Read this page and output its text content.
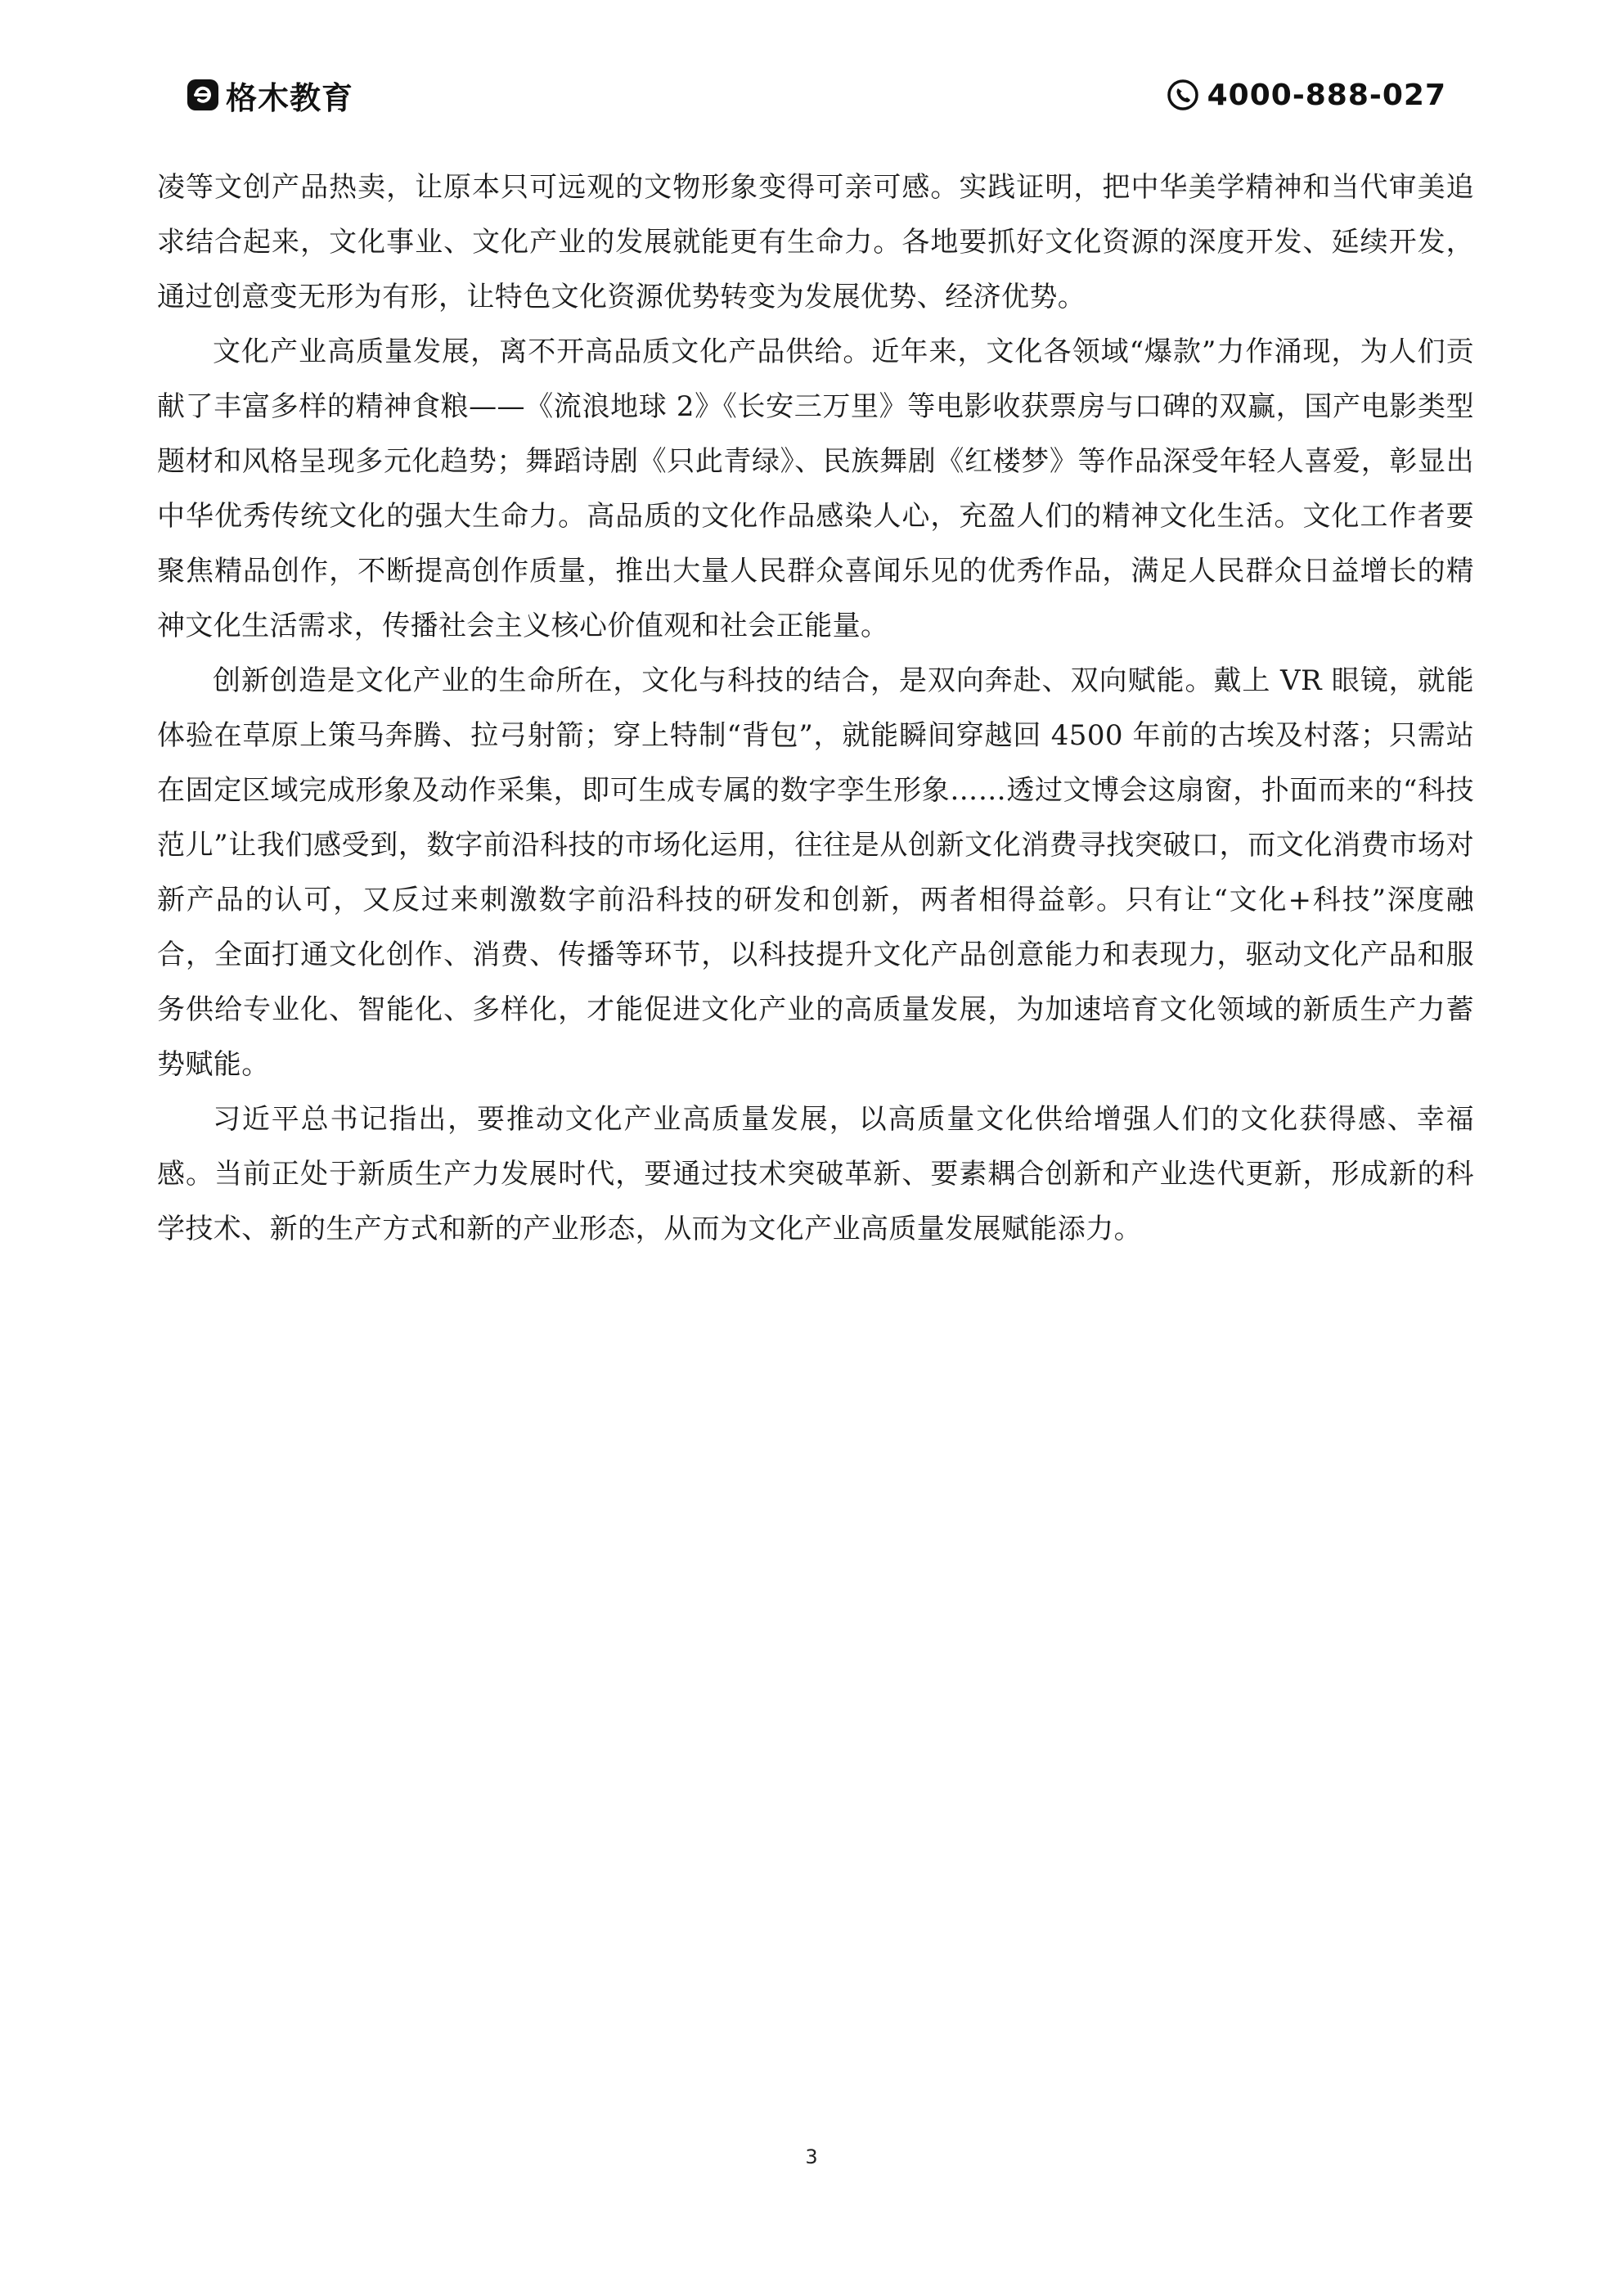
格木教育	4000-888-027

凌等文创产品热卖，让原本只可远观的文物形象变得可亲可感。实践证明，把中华美学精神和当代审美追求结合起来，文化事业、文化产业的发展就能更有生命力。各地要抓好文化资源的深度开发、延续开发，通过创意变无形为有形，让特色文化资源优势转变为发展优势、经济优势。

文化产业高质量发展，离不开高品质文化产品供给。近年来，文化各领域“爆款”力作涌现，为人们贡献了丰富多样的精神食粮——《流浪地球 2》《长安三万里》等电影收获票房与口碑的双赢，国产电影类型题材和风格呈现多元化趋势；舞蹈诗剧《只此青绿》、民族舞剧《红楼梦》等作品深受年轻人喜爱，彰显出中华优秀传统文化的强大生命力。高品质的文化作品感染人心，充盈人们的精神文化生活。文化工作者要聚焦精品创作，不断提高创作质量，推出大量人民群众喜闻乐见的优秀作品，满足人民群众日益增长的精神文化生活需求，传播社会主义核心价值观和社会正能量。

创新创造是文化产业的生命所在，文化与科技的结合，是双向奔赴、双向赋能。戴上 VR 眼镜，就能体验在草原上策马奔腾、拉弓射箭；穿上特制“背包”，就能瞬间穿越回 4500 年前的古埃及村落；只需站在固定区域完成形象及动作采集，即可生成专属的数字孪生形象……透过文博会这扇窗，扑面而来的“科技范儿”让我们感受到，数字前沿科技的市场化运用，往往是从创新文化消费寻找突破口，而文化消费市场对新产品的认可，又反过来刺激数字前沿科技的研发和创新，两者相得益彰。只有让“文化+科技”深度融合，全面打通文化创作、消费、传播等环节，以科技提升文化产品创意能力和表现力，驱动文化产品和服务供给专业化、智能化、多样化，才能促进文化产业的高质量发展，为加速培育文化领域的新质生产力蓄势赋能。

习近平总书记指出，要推动文化产业高质量发展，以高质量文化供给增强人们的文化获得感、幸福感。当前正处于新质生产力发展时代，要通过技术突破革新、要素耦合创新和产业迭代更新，形成新的科学技术、新的生产方式和新的产业形态，从而为文化产业高质量发展赋能添力。

3
